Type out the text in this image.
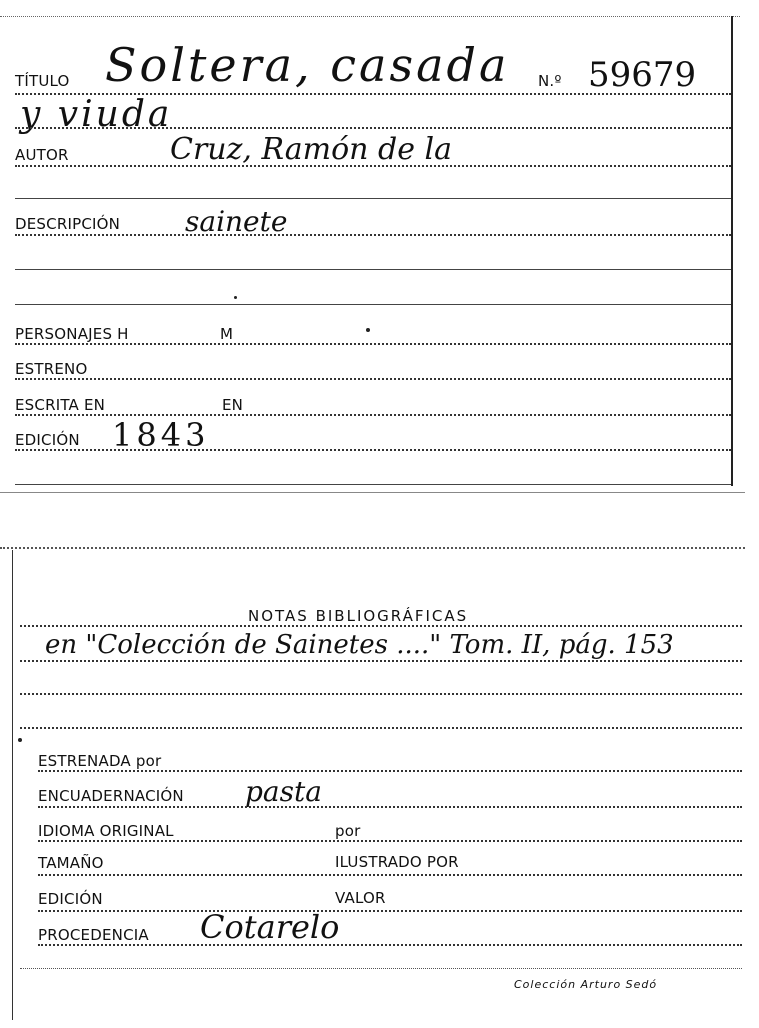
TÍTULO Soltera, casada N.º 59679
y viuda
AUTOR	Cruz, Ramón de la
DESCRIPCIÓN sainete
PERSONAJES H	M
ESTRENO
ESCRITA EN	EN
EDICIÓN 1843
NOTAS BIBLIOGRÁFICAS
en "Colección de Sainetes ...." Tom. II, pág. 153
ESTRENADA por
ENCUADERNACIÓN pasta
IDIOMA ORIGINAL	por
TAMAÑO	ILUSTRADO POR
EDICIÓN	VALOR
PROCEDENCIA Cotarelo
Colección Arturo Sedó
